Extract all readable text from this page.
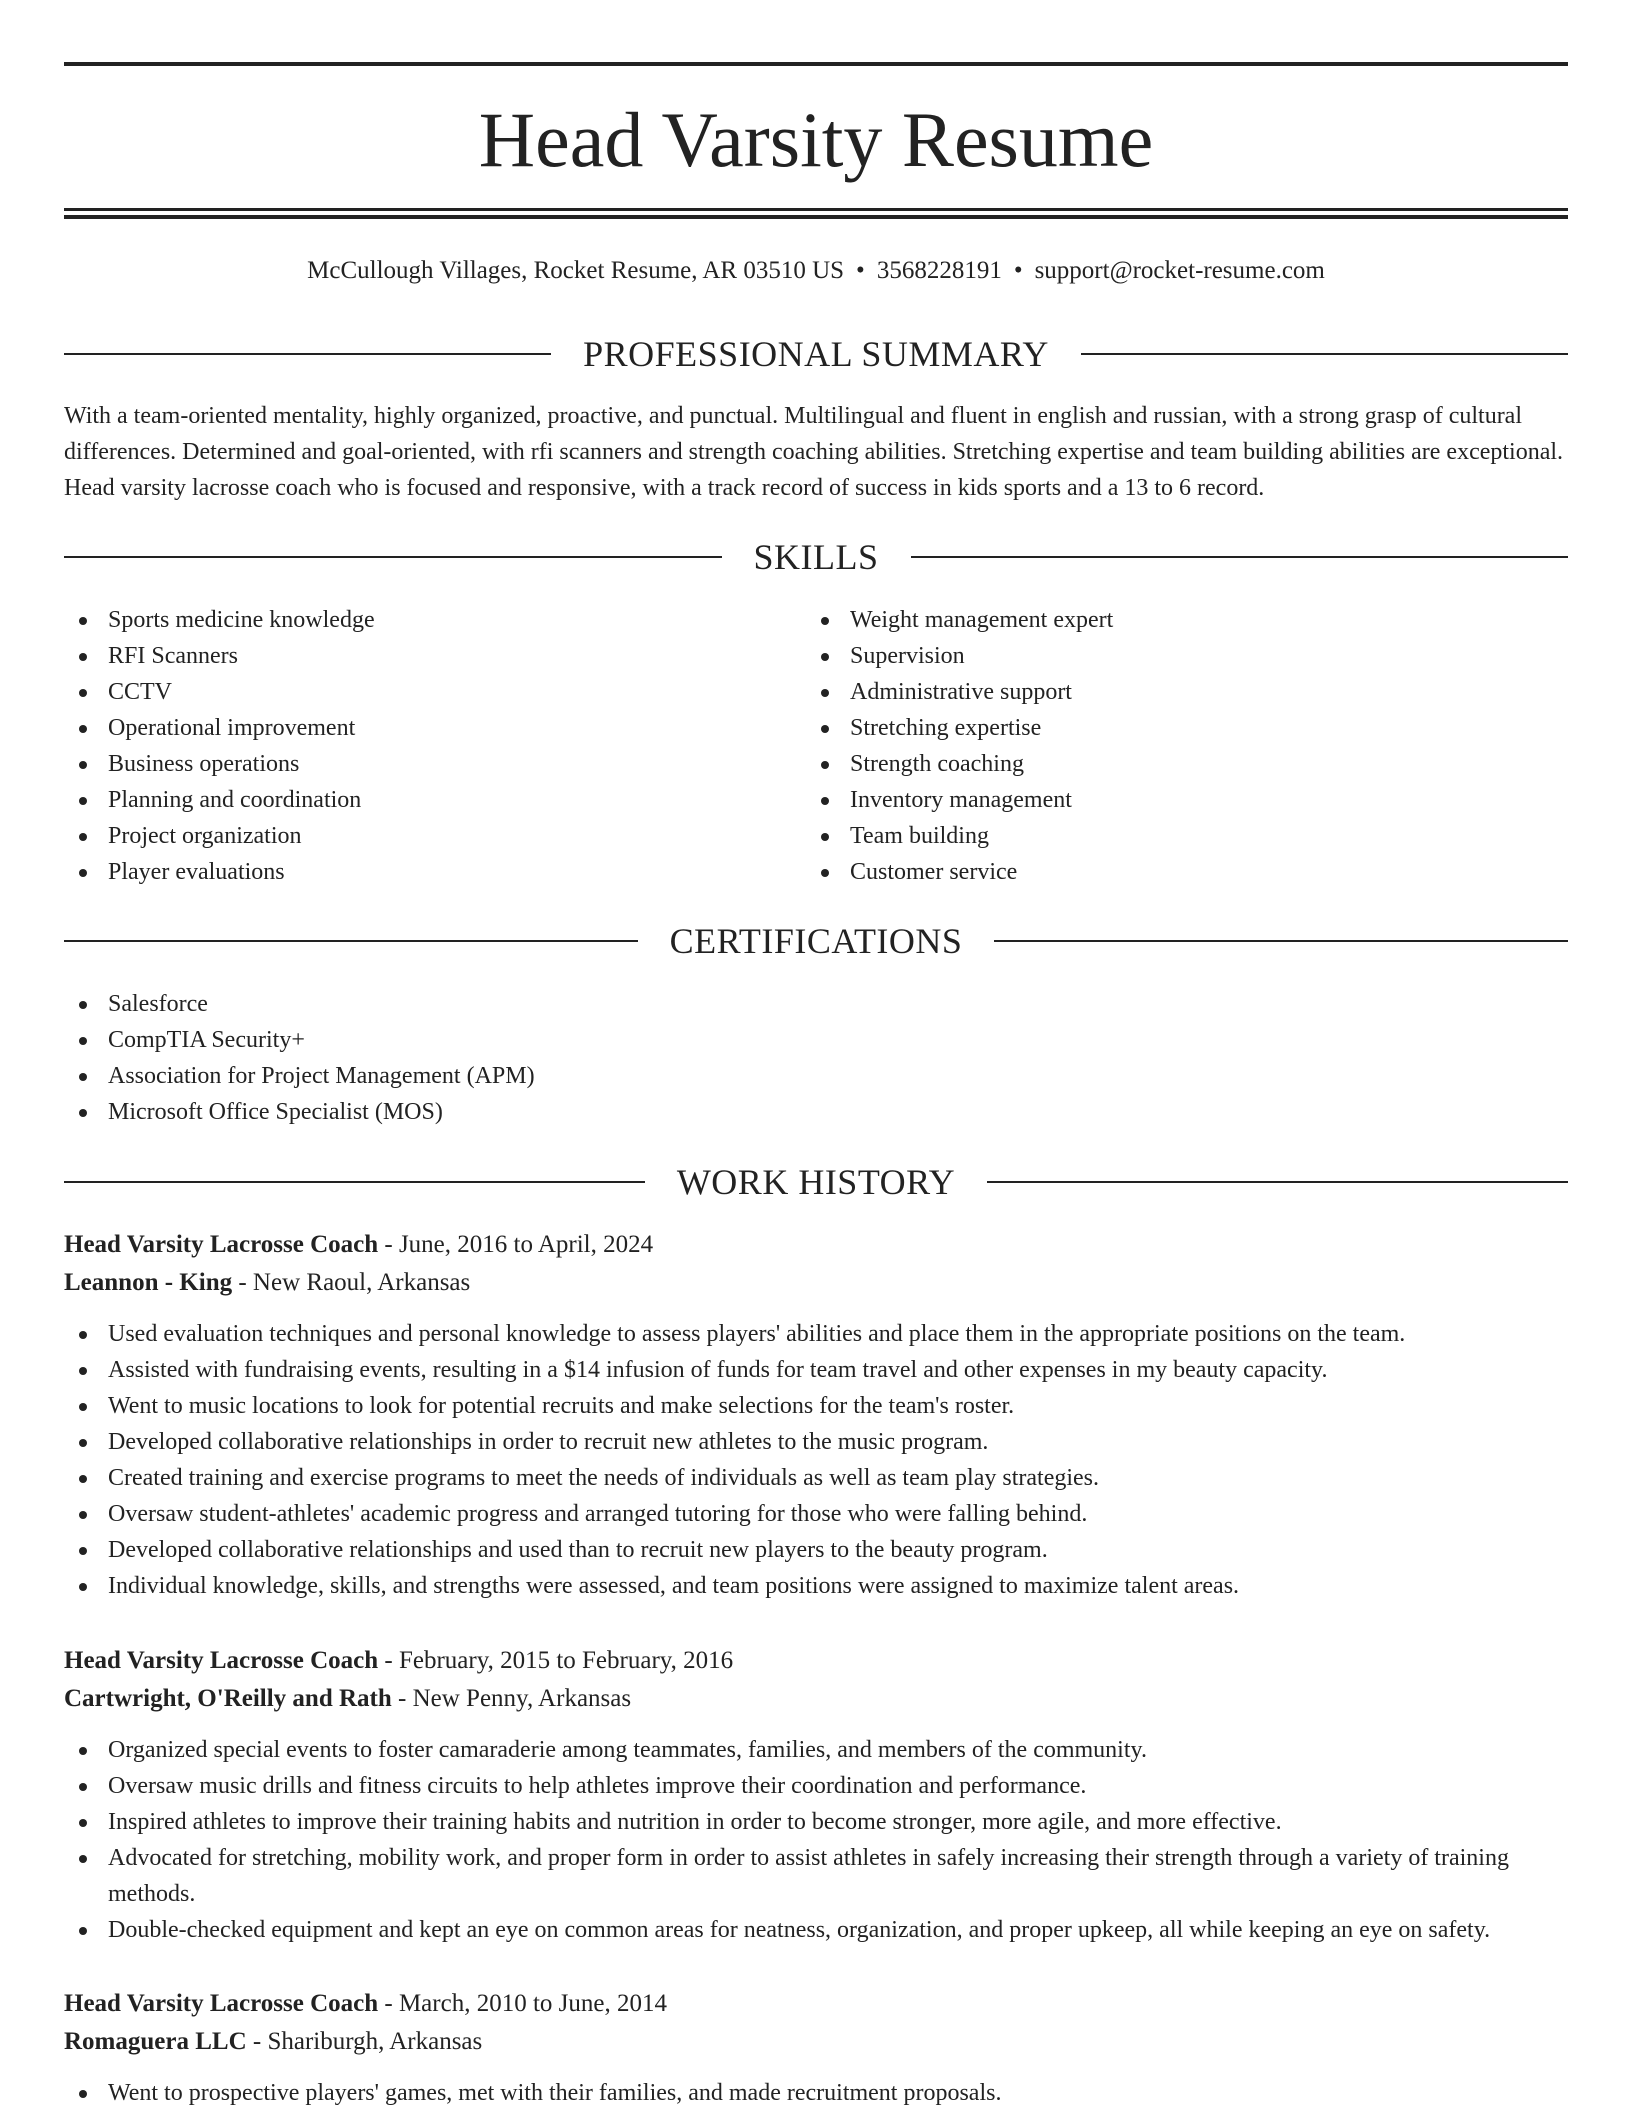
Head Varsity Resume
McCullough Villages, Rocket Resume, AR 03510 US • 3568228191 • support@rocket-resume.com
PROFESSIONAL SUMMARY

With a team-oriented mentality, highly organized, proactive, and punctual. Multilingual and fluent in english and russian, with a strong grasp of cultural differences. Determined and goal-oriented, with rfi scanners and strength coaching abilities. Stretching expertise and team building abilities are exceptional. Head varsity lacrosse coach who is focused and responsive, with a track record of success in kids sports and a 13 to 6 record.

SKILLS
Sports medicine knowledge
RFI Scanners
CCTV
Operational improvement
Business operations
Planning and coordination
Project organization
Player evaluations
Weight management expert
Supervision
Administrative support
Stretching expertise
Strength coaching
Inventory management
Team building
Customer service
CERTIFICATIONS
Salesforce
CompTIA Security+
Association for Project Management (APM)
Microsoft Office Specialist (MOS)
WORK HISTORY

Head Varsity Lacrosse Coach - June, 2016 to April, 2024

Leannon - King - New Raoul, Arkansas

Used evaluation techniques and personal knowledge to assess players' abilities and place them in the appropriate positions on the team.
Assisted with fundraising events, resulting in a $14 infusion of funds for team travel and other expenses in my beauty capacity.
Went to music locations to look for potential recruits and make selections for the team's roster.
Developed collaborative relationships in order to recruit new athletes to the music program.
Created training and exercise programs to meet the needs of individuals as well as team play strategies.
Oversaw student-athletes' academic progress and arranged tutoring for those who were falling behind.
Developed collaborative relationships and used than to recruit new players to the beauty program.
Individual knowledge, skills, and strengths were assessed, and team positions were assigned to maximize talent areas.

Head Varsity Lacrosse Coach - February, 2015 to February, 2016

Cartwright, O'Reilly and Rath - New Penny, Arkansas

Organized special events to foster camaraderie among teammates, families, and members of the community.
Oversaw music drills and fitness circuits to help athletes improve their coordination and performance.
Inspired athletes to improve their training habits and nutrition in order to become stronger, more agile, and more effective.
Advocated for stretching, mobility work, and proper form in order to assist athletes in safely increasing their strength through a variety of training methods.
Double-checked equipment and kept an eye on common areas for neatness, organization, and proper upkeep, all while keeping an eye on safety.

Head Varsity Lacrosse Coach - March, 2010 to June, 2014

Romaguera LLC - Shariburgh, Arkansas

Went to prospective players' games, met with their families, and made recruitment proposals.
